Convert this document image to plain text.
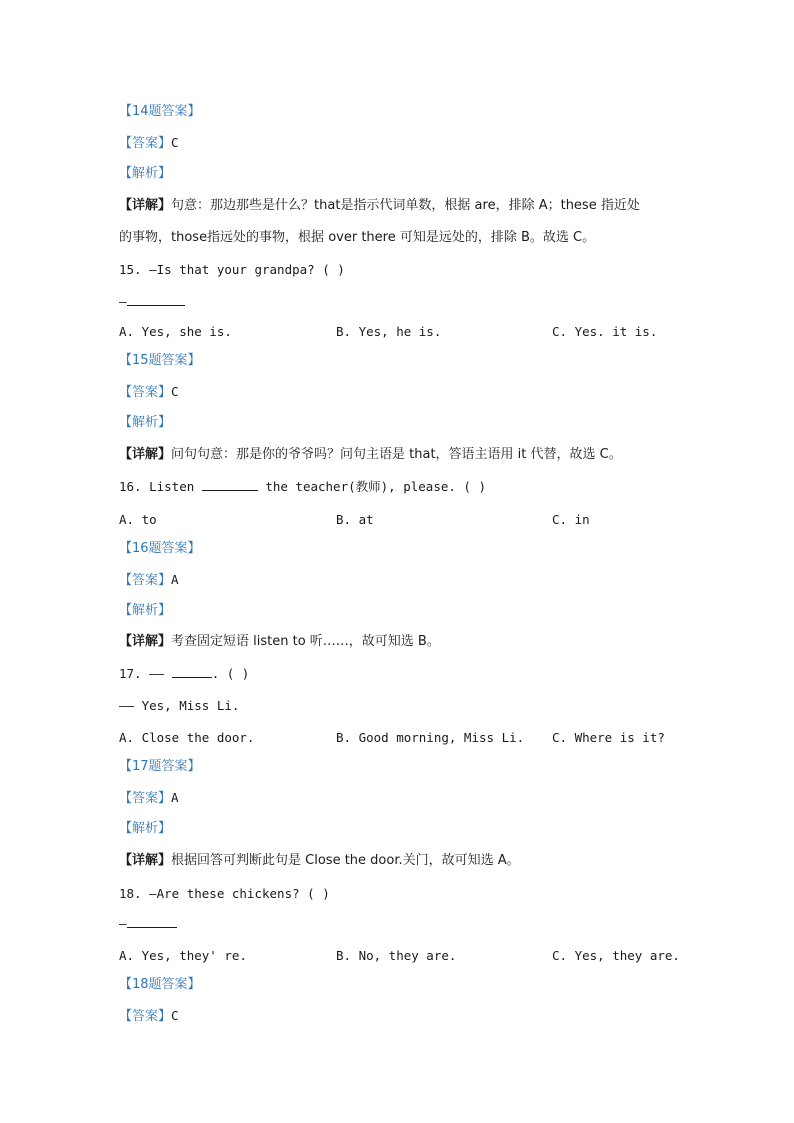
【14题答案】
【答案】C
【解析】
【详解】句意：那边那些是什么？that是指示代词单数，根据 are，排除 A；these 指近处
的事物，those指远处的事物，根据 over there 可知是远处的，排除 B。故选 C。
15. —Is that your grandpa? ( )
—
A. Yes, she is.	B. Yes, he is.	C. Yes. it is.
【15题答案】
【答案】C
【解析】
【详解】问句句意：那是你的爷爷吗？问句主语是 that，答语主语用 it 代替，故选 C。
16. Listen	the teacher(教师), please. ( )
A. to	B. at	C. in
【16题答案】
【答案】A
【解析】
【详解】考查固定短语 listen to 听……，故可知选 B。
17. ——	. ( )
—— Yes, Miss Li.
A. Close the door.	B. Good morning, Miss Li. C. Where is it?
【17题答案】
【答案】A
【解析】
【详解】根据回答可判断此句是 Close the door.关门，故可知选 A。
18. —Are these chickens? ( )
—
A. Yes, they' re.	B. No, they are.	C. Yes, they are.
【18题答案】
【答案】C
